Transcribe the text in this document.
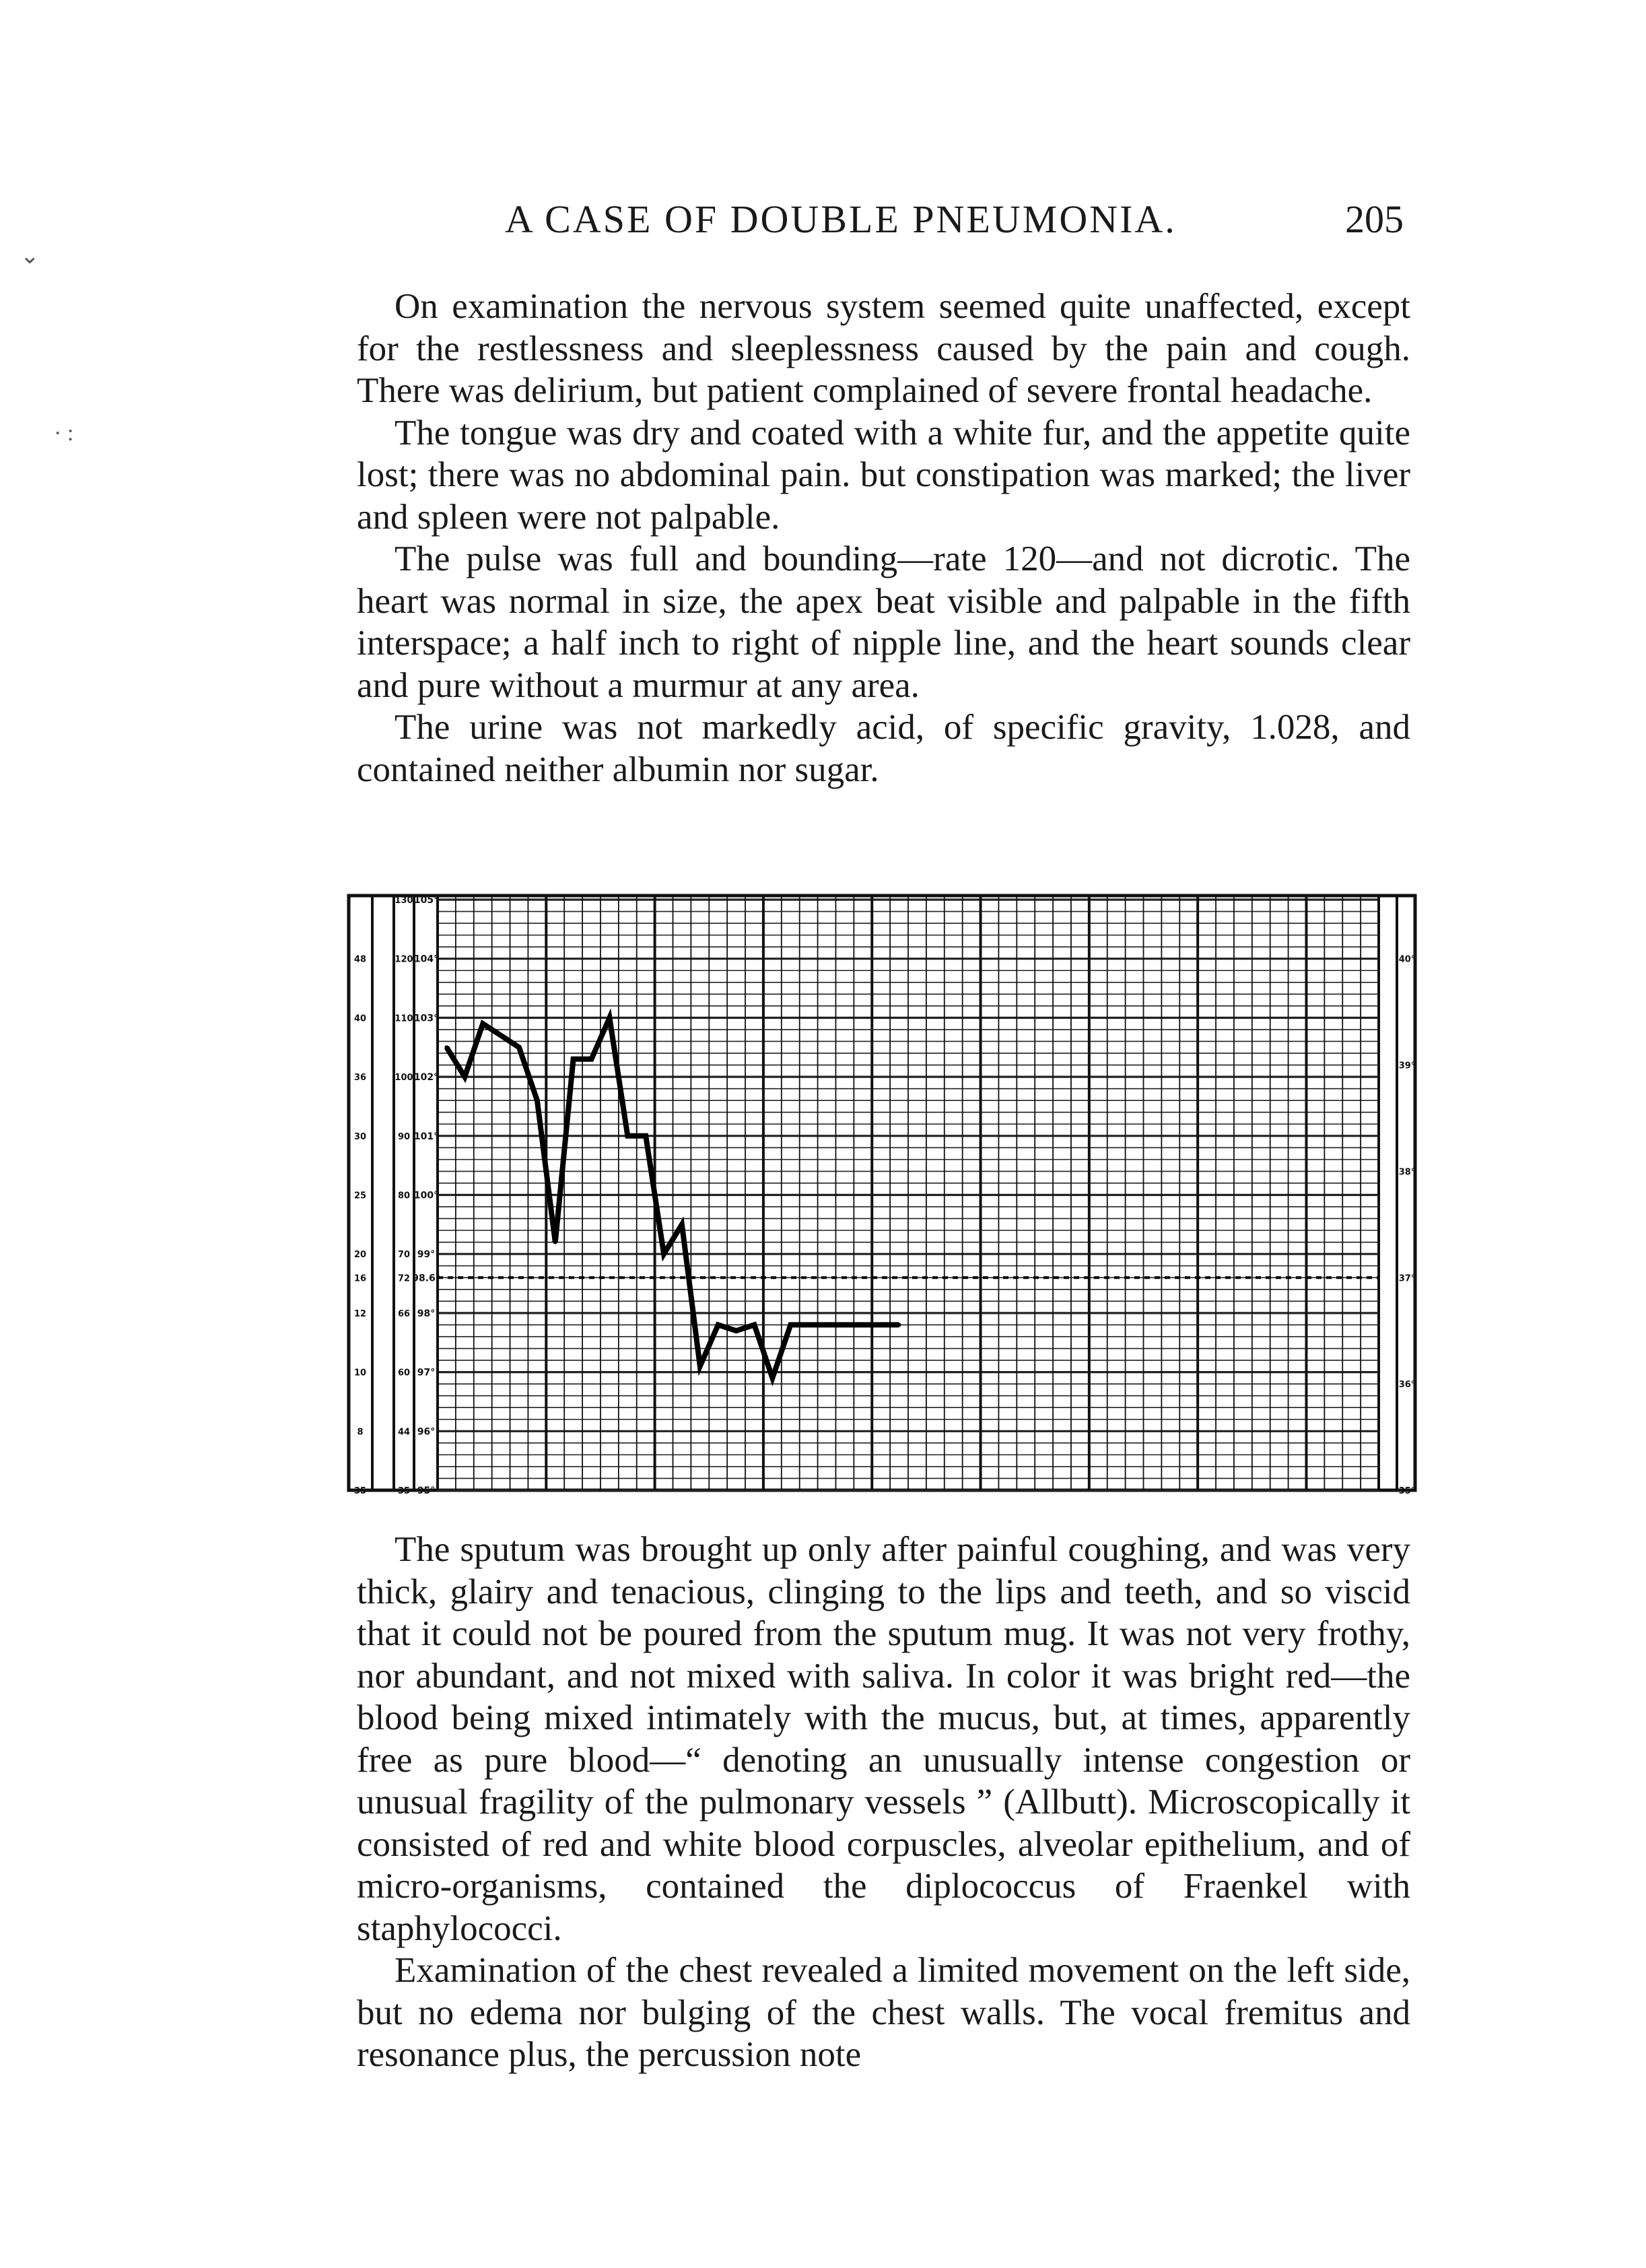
A CASE OF DOUBLE PNEUMONIA.	205

On examination the nervous system seemed quite unaffected, except for the restlessness and sleeplessness caused by the pain and cough. There was delirium, but patient complained of severe frontal headache.

The tongue was dry and coated with a white fur, and the appetite quite lost; there was no abdominal pain. but constipation was marked; the liver and spleen were not palpable.

The pulse was full and bounding—rate 120—and not dicrotic. The heart was normal in size, the apex beat visible and palpable in the fifth interspace; a half inch to right of nipple line, and the heart sounds clear and pure without a murmur at any area.

The urine was not markedly acid, of specific gravity, 1.028, and contained neither albumin nor sugar.

105°
130
104°
120
48
103°
110
40
102°
100
36
101°
90
30
100°
80
25
99°
70
20
98.6°
72
16
98°
66
12
97°
60
10
96°
44
8
95°
35
35
40°
39°
38°
37°
36°
35°

The sputum was brought up only after painful coughing, and was very thick, glairy and tenacious, clinging to the lips and teeth, and so viscid that it could not be poured from the sputum mug. It was not very frothy, nor abundant, and not mixed with saliva. In color it was bright red—the blood being mixed intimately with the mucus, but, at times, apparently free as pure blood—“ denoting an unusually intense congestion or unusual fragility of the pulmonary vessels ” (Allbutt). Microscopically it consisted of red and white blood corpuscles, alveolar epithelium, and of micro-organisms, contained the diplococcus of Fraenkel with staphylococci.

Examination of the chest revealed a limited movement on the left side, but no edema nor bulging of the chest walls. The vocal fremitus and resonance plus, the percussion note

⌄
· :
